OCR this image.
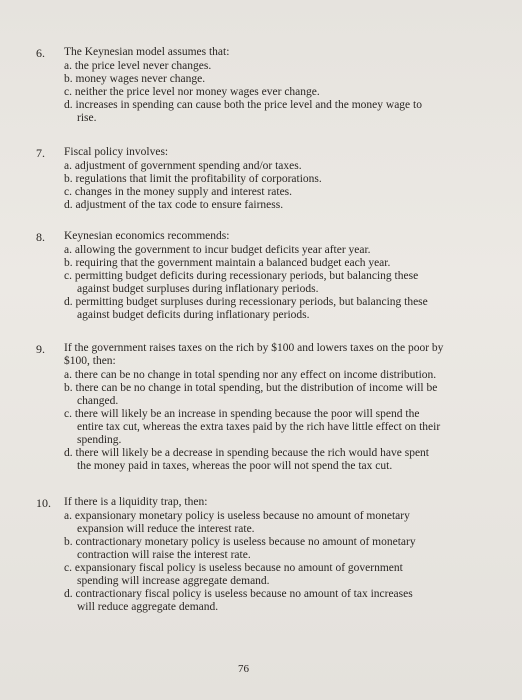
6. The Keynesian model assumes that:
a. the price level never changes.
b. money wages never change.
c. neither the price level nor money wages ever change.
d. increases in spending can cause both the price level and the money wage to
rise.
7. Fiscal policy involves:
a. adjustment of government spending and/or taxes.
b. regulations that limit the profitability of corporations.
c. changes in the money supply and interest rates.
d. adjustment of the tax code to ensure fairness.
8. Keynesian economics recommends:
a. allowing the government to incur budget deficits year after year.
b. requiring that the government maintain a balanced budget each year.
c. permitting budget deficits during recessionary periods, but balancing these
against budget surpluses during inflationary periods.
d. permitting budget surpluses during recessionary periods, but balancing these
against budget deficits during inflationary periods.
9. If the government raises taxes on the rich by $100 and lowers taxes on the poor by $100, then:
a. there can be no change in total spending nor any effect on income distribution.
b. there can be no change in total spending, but the distribution of income will be
changed.
c. there will likely be an increase in spending because the poor will spend the
entire tax cut, whereas the extra taxes paid by the rich have little effect on their spending.
d. there will likely be a decrease in spending because the rich would have spent
the money paid in taxes, whereas the poor will not spend the tax cut.
10. If there is a liquidity trap, then:
a. expansionary monetary policy is useless because no amount of monetary
expansion will reduce the interest rate.
b. contractionary monetary policy is useless because no amount of monetary
contraction will raise the interest rate.
c. expansionary fiscal policy is useless because no amount of government
spending will increase aggregate demand.
d. contractionary fiscal policy is useless because no amount of tax increases
will reduce aggregate demand.
76
